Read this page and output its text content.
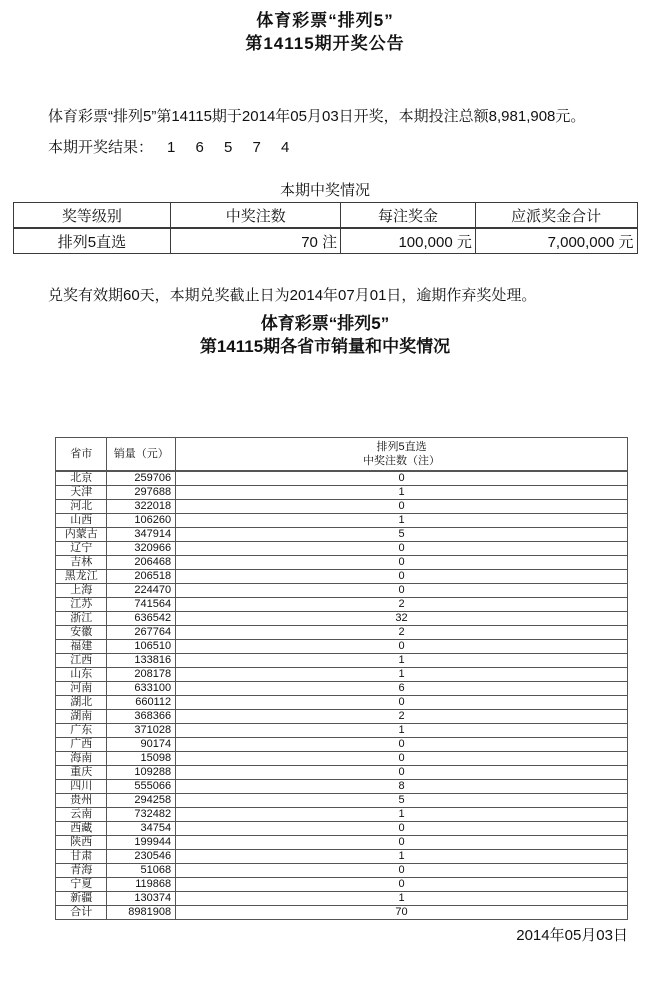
体育彩票“排列5”
第14115期开奖公告

体育彩票“排列5”第14115期于2014年05月03日开奖，本期投注总额8,981,908元。

本期开奖结果： 1 6 5 7 4
本期中奖情况
奖等级别	中奖注数	每注奖金	应派奖金合计
排列5直选	70 注	100,000 元	7,000,000 元

兑奖有效期60天，本期兑奖截止日为2014年07月01日，逾期作弃奖处理。

体育彩票“排列5”
第14115期各省市销量和中奖情况
省市	销量（元）	排列5直选
中奖注数（注）

北京	259706	0
天津	297688	1
河北	322018	0
山西	106260	1
内蒙古	347914	5
辽宁	320966	0
吉林	206468	0
黑龙江	206518	0
上海	224470	0
江苏	741564	2
浙江	636542	32
安徽	267764	2
福建	106510	0
江西	133816	1
山东	208178	1
河南	633100	6
湖北	660112	0
湖南	368366	2
广东	371028	1
广西	90174	0
海南	15098	0
重庆	109288	0
四川	555066	8
贵州	294258	5
云南	732482	1
西藏	34754	0
陕西	199944	0
甘肃	230546	1
青海	51068	0
宁夏	119868	0
新疆	130374	1
合计	8981908	70
2014年05月03日
